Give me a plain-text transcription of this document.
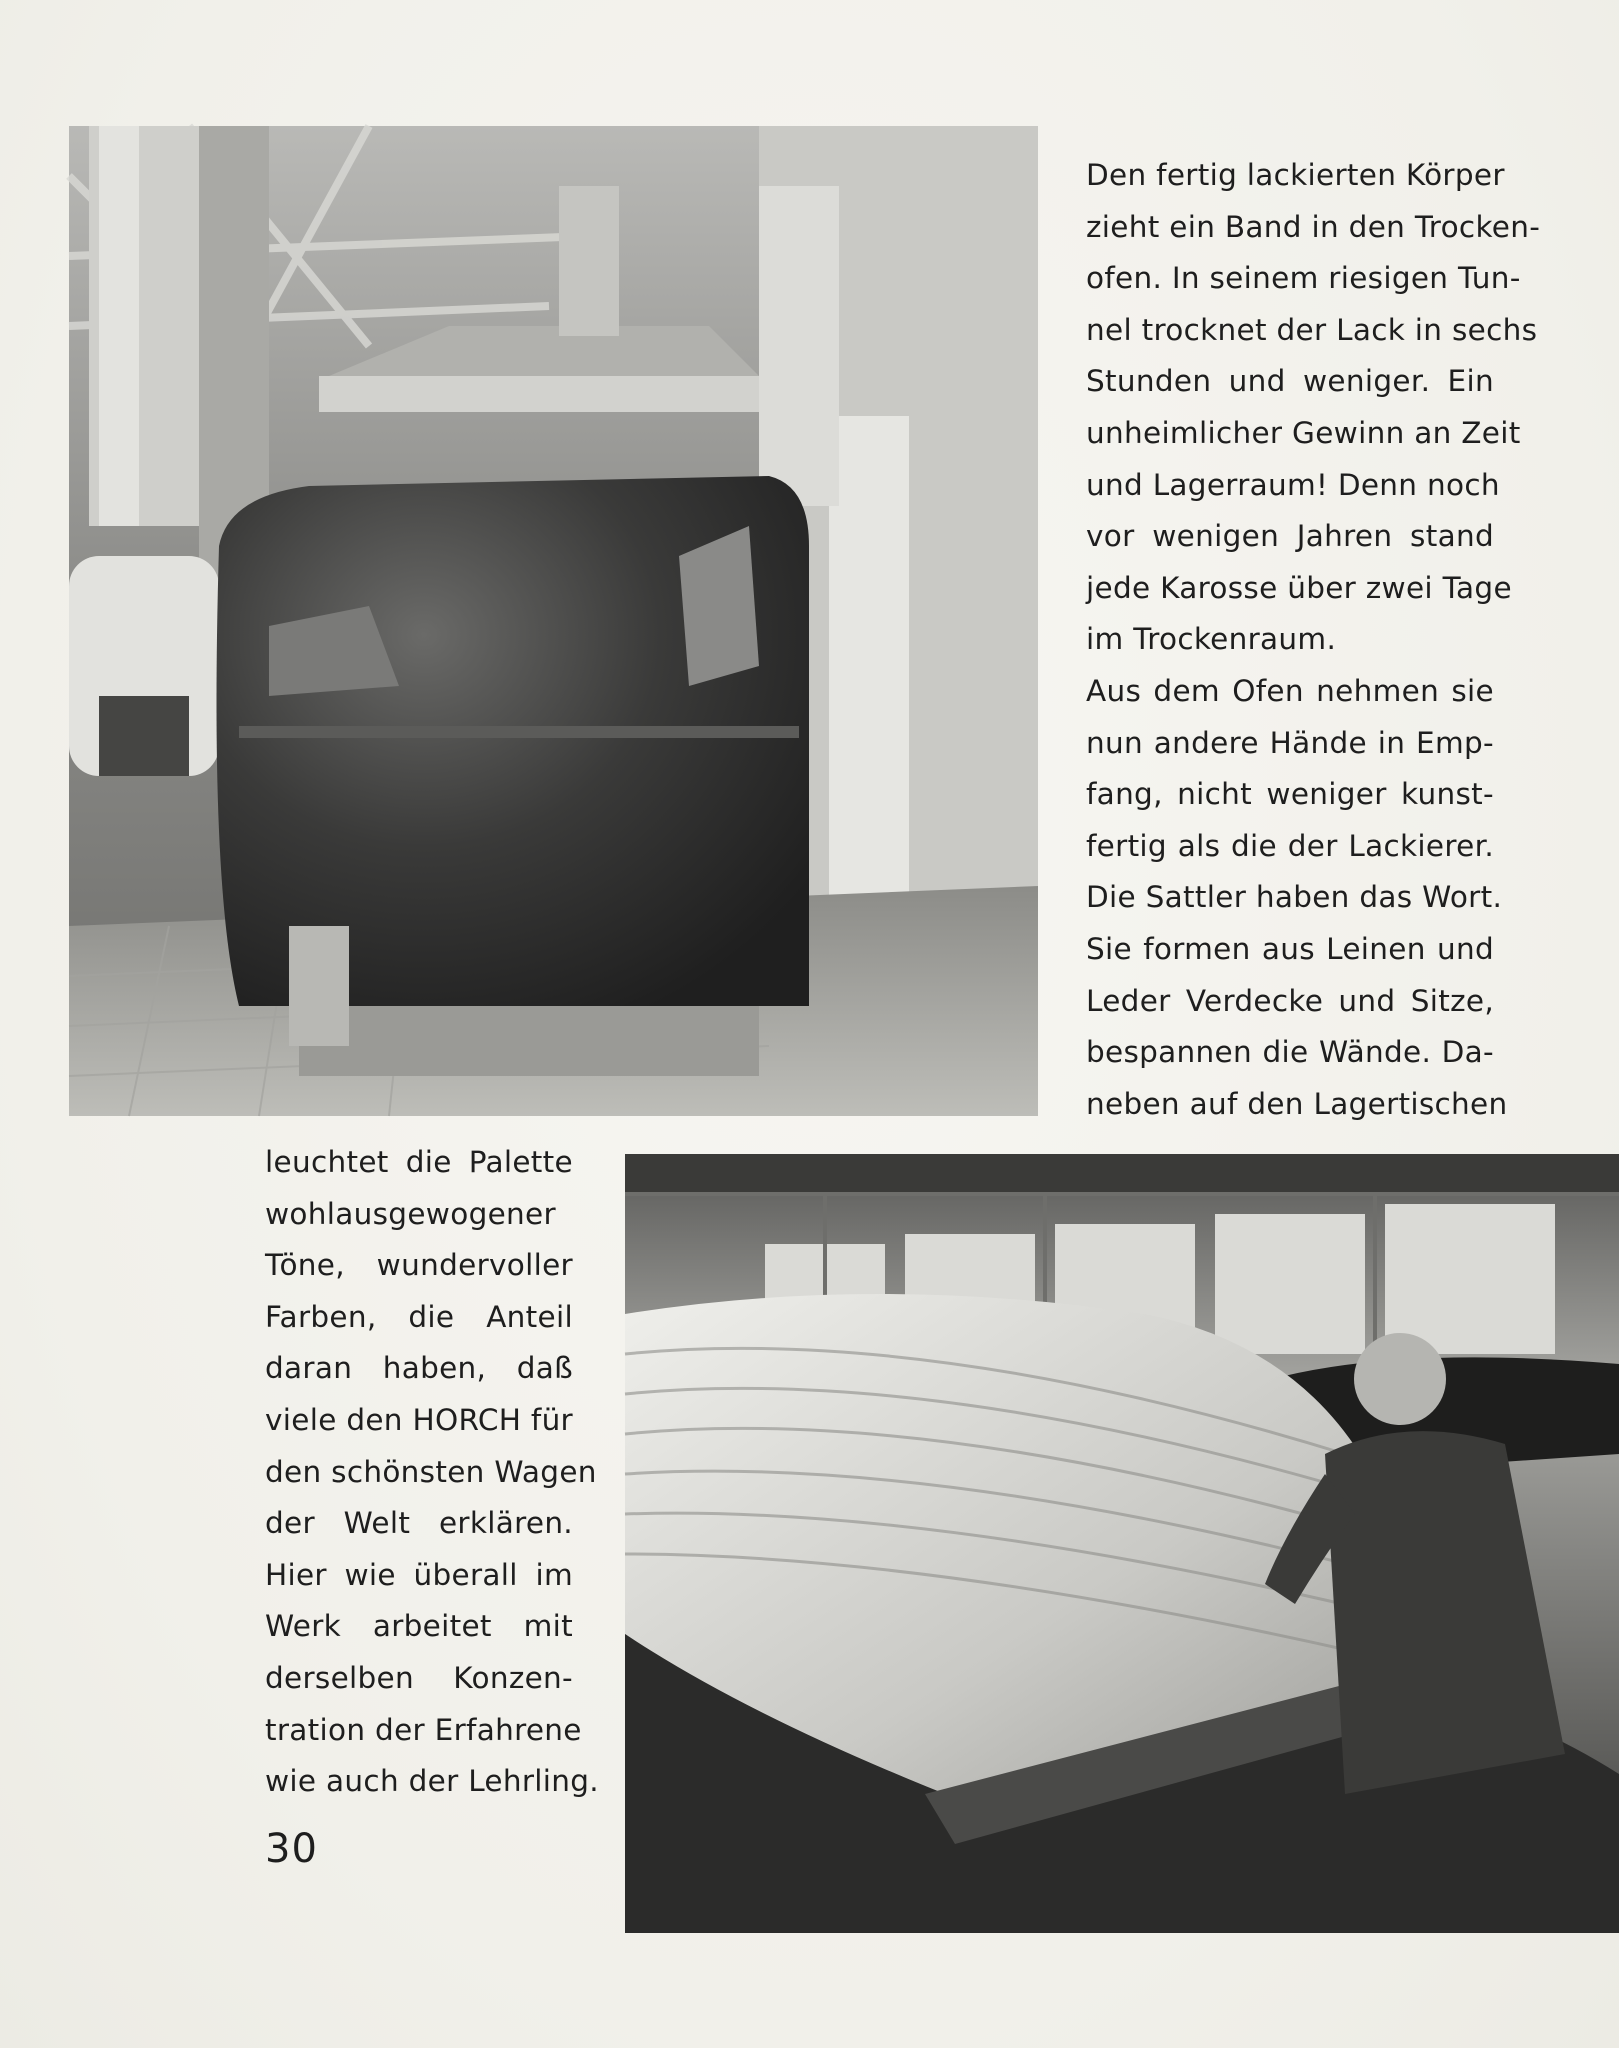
Den fertig lackierten Körper
zieht ein Band in den Trocken-
ofen. In seinem riesigen Tun-
nel trocknet der Lack in sechs
Stunden und weniger. Ein
unheimlicher Gewinn an Zeit
und Lagerraum! Denn noch
vor wenigen Jahren stand
jede Karosse über zwei Tage
im Trockenraum.
Aus dem Ofen nehmen sie
nun andere Hände in Emp-
fang, nicht weniger kunst-
fertig als die der Lackierer.
Die Sattler haben das Wort.
Sie formen aus Leinen und
Leder Verdecke und Sitze,
bespannen die Wände. Da-
neben auf den Lagertischen
leuchtet die Palette
wohlausgewogener
Töne, wundervoller
Farben, die Anteil
daran haben, daß
viele den HORCH für
den schönsten Wagen
der Welt erklären.
Hier wie überall im
Werk arbeitet mit
derselben Konzen-
tration der Erfahrene
wie auch der Lehrling.
30
